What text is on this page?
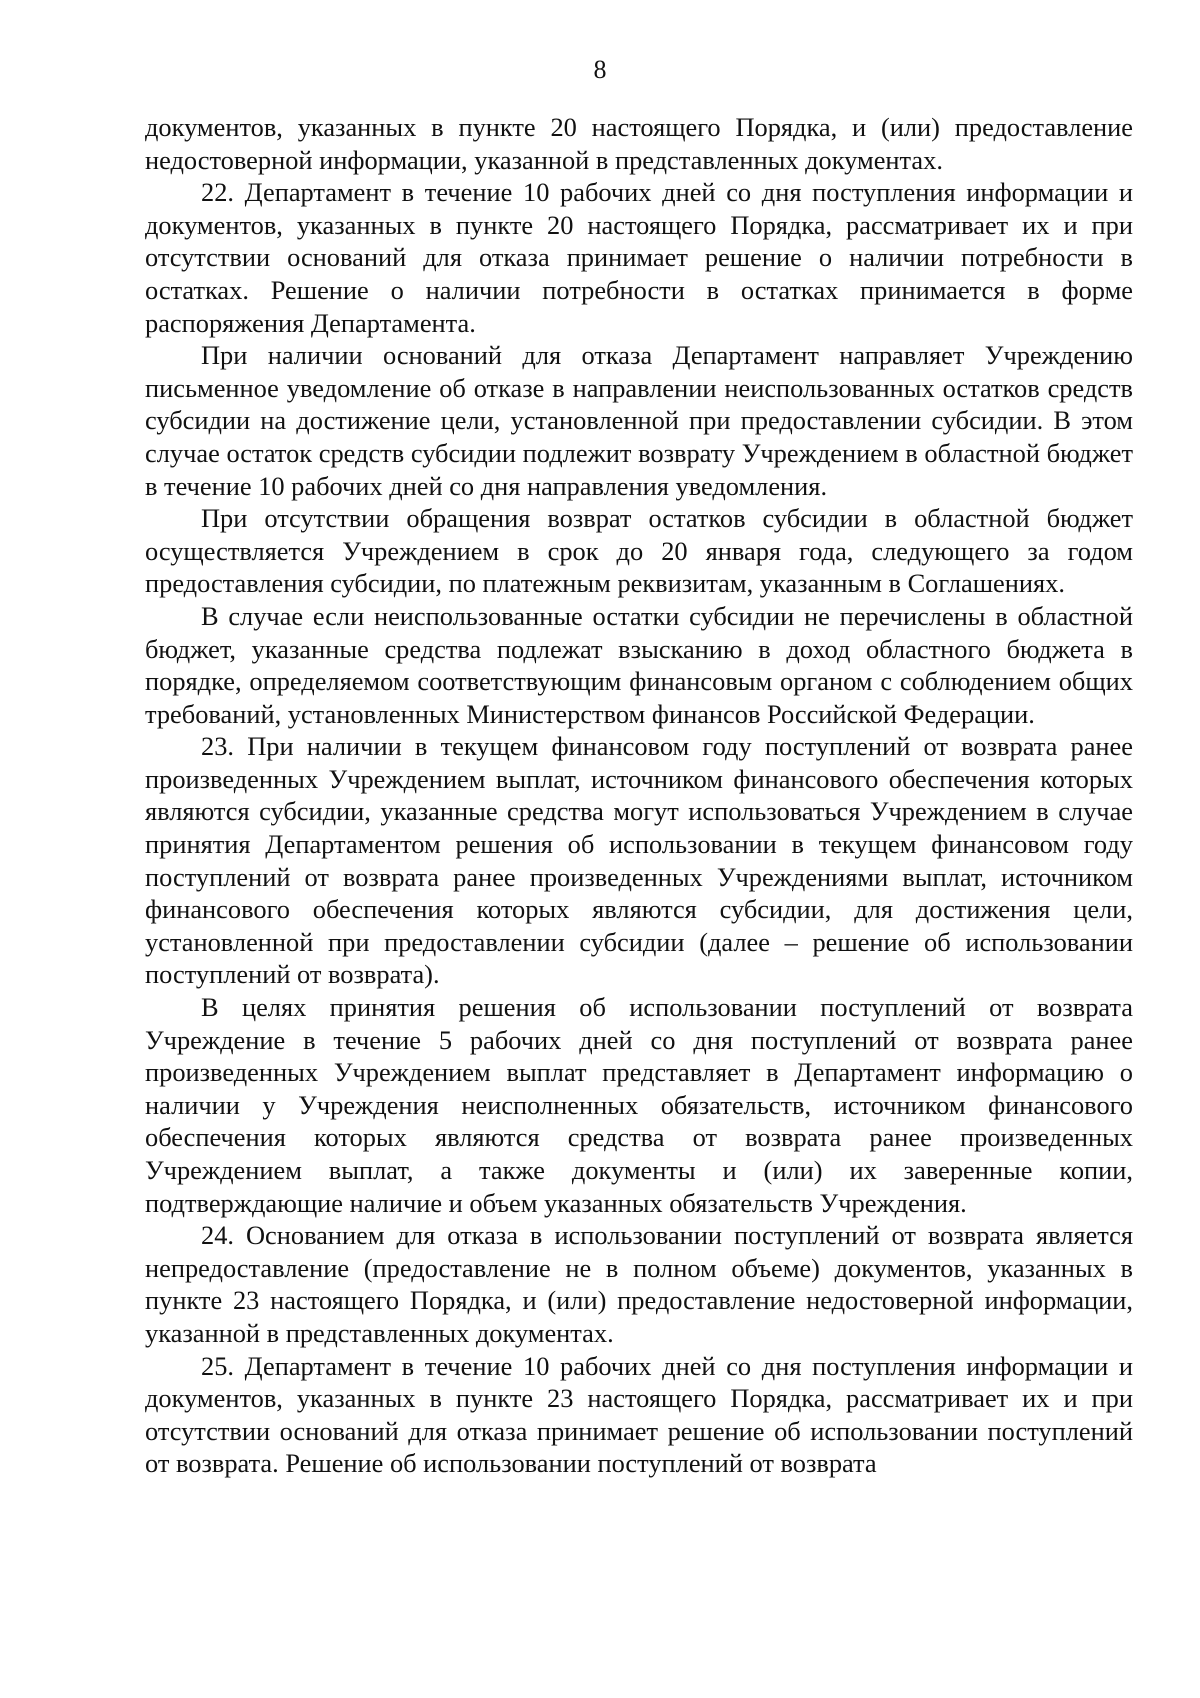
8

документов, указанных в пункте 20 настоящего Порядка, и (или) предоставление недостоверной информации, указанной в представленных документах.

22. Департамент в течение 10 рабочих дней со дня поступления информации и документов, указанных в пункте 20 настоящего Порядка, рассматривает их и при отсутствии оснований для отказа принимает решение о наличии потребности в остатках. Решение о наличии потребности в остатках принимается в форме распоряжения Департамента.

При наличии оснований для отказа Департамент направляет Учреждению письменное уведомление об отказе в направлении неиспользованных остатков средств субсидии на достижение цели, установленной при предоставлении субсидии. В этом случае остаток средств субсидии подлежит возврату Учреждением в областной бюджет в течение 10 рабочих дней со дня направления уведомления.

При отсутствии обращения возврат остатков субсидии в областной бюджет осуществляется Учреждением в срок до 20 января года, следующего за годом предоставления субсидии, по платежным реквизитам, указанным в Соглашениях.

В случае если неиспользованные остатки субсидии не перечислены в областной бюджет, указанные средства подлежат взысканию в доход областного бюджета в порядке, определяемом соответствующим финансовым органом с соблюдением общих требований, установленных Министерством финансов Российской Федерации.

23. При наличии в текущем финансовом году поступлений от возврата ранее произведенных Учреждением выплат, источником финансового обеспечения которых являются субсидии, указанные средства могут использоваться Учреждением в случае принятия Департаментом решения об использовании в текущем финансовом году поступлений от возврата ранее произведенных Учреждениями выплат, источником финансового обеспечения которых являются субсидии, для достижения цели, установленной при предоставлении субсидии (далее – решение об использовании поступлений от возврата).

В целях принятия решения об использовании поступлений от возврата Учреждение в течение 5 рабочих дней со дня поступлений от возврата ранее произведенных Учреждением выплат представляет в Департамент информацию о наличии у Учреждения неисполненных обязательств, источником финансового обеспечения которых являются средства от возврата ранее произведенных Учреждением выплат, а также документы и (или) их заверенные копии, подтверждающие наличие и объем указанных обязательств Учреждения.

24. Основанием для отказа в использовании поступлений от возврата является непредоставление (предоставление не в полном объеме) документов, указанных в пункте 23 настоящего Порядка, и (или) предоставление недостоверной информации, указанной в представленных документах.

25. Департамент в течение 10 рабочих дней со дня поступления информации и документов, указанных в пункте 23 настоящего Порядка, рассматривает их и при отсутствии оснований для отказа принимает решение об использовании поступлений от возврата. Решение об использовании поступлений от возврата
